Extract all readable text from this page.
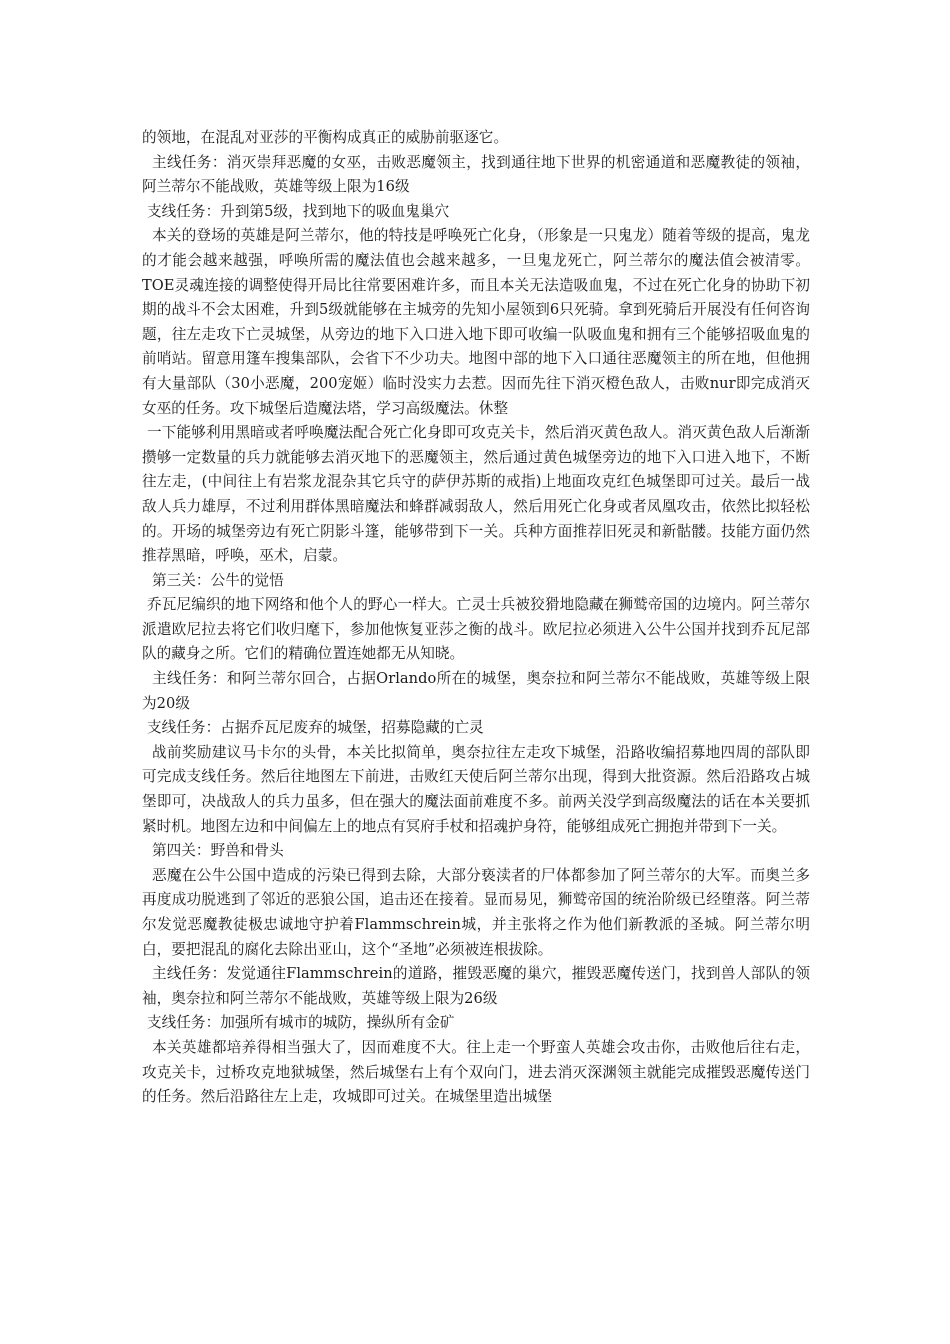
的领地，在混乱对亚莎的平衡构成真正的威胁前驱逐它。

主线任务：消灭崇拜恶魔的女巫，击败恶魔领主，找到通往地下世界的机密通道和恶魔教徒的领袖，阿兰蒂尔不能战败，英雄等级上限为16级

支线任务：升到第5级，找到地下的吸血鬼巢穴

本关的登场的英雄是阿兰蒂尔，他的特技是呼唤死亡化身，（形象是一只鬼龙）随着等级的提高，鬼龙的才能会越来越强，呼唤所需的魔法值也会越来越多，一旦鬼龙死亡，阿兰蒂尔的魔法值会被清零。TOE灵魂连接的调整使得开局比往常要困难许多，而且本关无法造吸血鬼，不过在死亡化身的协助下初期的战斗不会太困难，升到5级就能够在主城旁的先知小屋领到6只死骑。拿到死骑后开展没有任何咨询题，往左走攻下亡灵城堡，从旁边的地下入口进入地下即可收编一队吸血鬼和拥有三个能够招吸血鬼的前哨站。留意用篷车搜集部队，会省下不少功夫。地图中部的地下入口通往恶魔领主的所在地，但他拥有大量部队（30小恶魔，200宠姬）临时没实力去惹。因而先往下消灭橙色敌人，击败nur即完成消灭女巫的任务。攻下城堡后造魔法塔，学习高级魔法。休整

一下能够利用黑暗或者呼唤魔法配合死亡化身即可攻克关卡，然后消灭黄色敌人。消灭黄色敌人后渐渐攒够一定数量的兵力就能够去消灭地下的恶魔领主，然后通过黄色城堡旁边的地下入口进入地下，不断往左走，(中间往上有岩浆龙混杂其它兵守的萨伊苏斯的戒指)上地面攻克红色城堡即可过关。最后一战敌人兵力雄厚，不过利用群体黑暗魔法和蜂群减弱敌人，然后用死亡化身或者凤凰攻击，依然比拟轻松的。开场的城堡旁边有死亡阴影斗篷，能够带到下一关。兵种方面推荐旧死灵和新骷髅。技能方面仍然推荐黑暗，呼唤，巫术，启蒙。

第三关：公牛的觉悟

乔瓦尼编织的地下网络和他个人的野心一样大。亡灵士兵被狡猾地隐藏在狮鹫帝国的边境内。阿兰蒂尔派遣欧尼拉去将它们收归麾下，参加他恢复亚莎之衡的战斗。欧尼拉必须进入公牛公国并找到乔瓦尼部队的藏身之所。它们的精确位置连她都无从知晓。

主线任务：和阿兰蒂尔回合，占据Orlando所在的城堡，奥奈拉和阿兰蒂尔不能战败，英雄等级上限为20级

支线任务：占据乔瓦尼废弃的城堡，招募隐藏的亡灵

战前奖励建议马卡尔的头骨，本关比拟简单，奥奈拉往左走攻下城堡，沿路收编招募地四周的部队即可完成支线任务。然后往地图左下前进，击败红天使后阿兰蒂尔出现，得到大批资源。然后沿路攻占城堡即可，决战敌人的兵力虽多，但在强大的魔法面前难度不多。前两关没学到高级魔法的话在本关要抓紧时机。地图左边和中间偏左上的地点有冥府手杖和招魂护身符，能够组成死亡拥抱并带到下一关。

第四关：野兽和骨头

恶魔在公牛公国中造成的污染已得到去除，大部分亵渎者的尸体都参加了阿兰蒂尔的大军。而奥兰多再度成功脱逃到了邻近的恶狼公国，追击还在接着。显而易见，狮鹫帝国的统治阶级已经堕落。阿兰蒂尔发觉恶魔教徒极忠诚地守护着Flammschrein城，并主张将之作为他们新教派的圣城。阿兰蒂尔明白，要把混乱的腐化去除出亚山，这个“圣地”必须被连根拔除。

主线任务：发觉通往Flammschrein的道路，摧毁恶魔的巢穴，摧毁恶魔传送门，找到兽人部队的领袖，奥奈拉和阿兰蒂尔不能战败，英雄等级上限为26级

支线任务：加强所有城市的城防，操纵所有金矿

本关英雄都培养得相当强大了，因而难度不大。往上走一个野蛮人英雄会攻击你，击败他后往右走，攻克关卡，过桥攻克地狱城堡，然后城堡右上有个双向门，进去消灭深渊领主就能完成摧毁恶魔传送门的任务。然后沿路往左上走，攻城即可过关。在城堡里造出城堡
